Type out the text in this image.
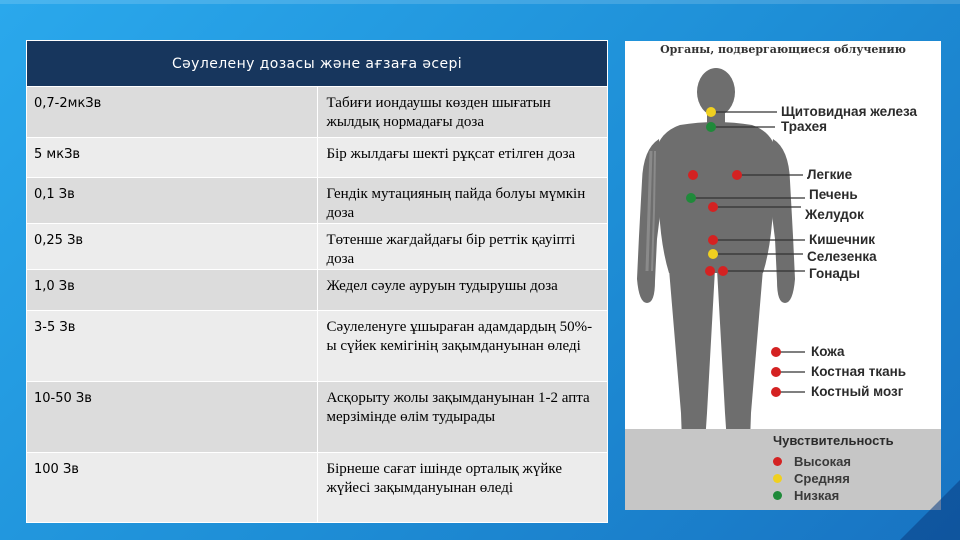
Сәулелену дозасы және ағзаға әсері	
0,7-2мкЗв	Табиғи иондаушы көзден шығатын жылдық нормадағы доза
5 мкЗв	Бір жылдағы шекті рұқсат етілген доза
0,1 Зв	Гендік мутацияның пайда болуы мүмкін доза
0,25 Зв	Төтенше жағдайдағы бір реттік қауіпті доза
1,0 Зв	Жедел сәуле ауруын тудырушы доза
3-5 Зв	Сәулеленуге ұшыраған адамдардың 50%-ы сүйек кемігінің зақымдануынан өледі
10-50 Зв	Асқорыту жолы зақымдануынан 1-2 апта мерзімінде өлім тудырады
100 Зв	Бірнеше сағат ішінде орталық жүйке жүйесі зақымдануынан өледі
Органы, подвергающиеся облучению
Щитовидная железа
Трахея
Легкие
Печень
Желудок
Кишечник
Селезенка
Гонады
Кожа
Костная ткань
Костный мозг
Чувствительность
Высокая
Средняя
Низкая
